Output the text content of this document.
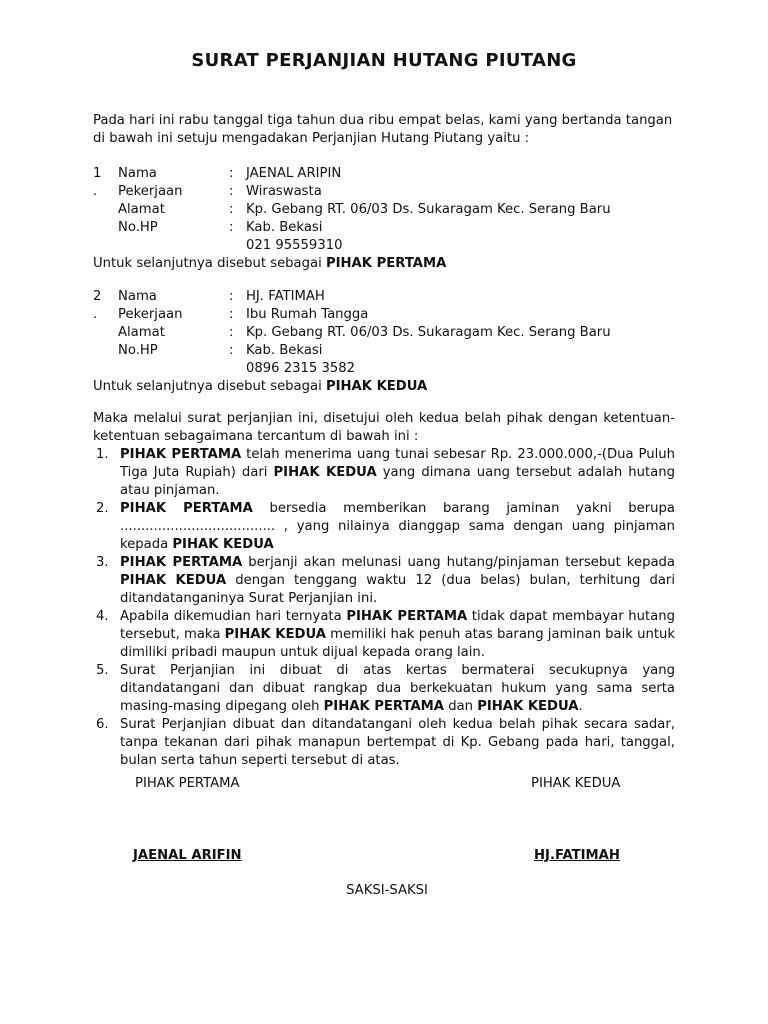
SURAT PERJANJIAN HUTANG PIUTANG
Pada hari ini rabu tanggal tiga tahun dua ribu empat belas, kami yang bertanda tangan di bawah ini setuju mengadakan Perjanjian Hutang Piutang yaitu :
1 Nama	: JAENAL ARIPIN
. Pekerjaan	: Wiraswasta
Alamat	: Kp. Gebang RT. 06/03 Ds. Sukaragam Kec. Serang Baru
No.HP	: Kab. Bekasi
021 95559310
Untuk selanjutnya disebut sebagai PIHAK PERTAMA
2 Nama	: HJ. FATIMAH
. Pekerjaan	: Ibu Rumah Tangga
Alamat	: Kp. Gebang RT. 06/03 Ds. Sukaragam Kec. Serang Baru
No.HP	: Kab. Bekasi
0896 2315 3582
Untuk selanjutnya disebut sebagai PIHAK KEDUA
Maka melalui surat perjanjian ini, disetujui oleh kedua belah pihak dengan ketentuan-ketentuan sebagaimana tercantum di bawah ini :
1. PIHAK PERTAMA telah menerima uang tunai sebesar Rp. 23.000.000,-(Dua Puluh Tiga Juta Rupiah) dari PIHAK KEDUA yang dimana uang tersebut adalah hutang atau pinjaman.
2. PIHAK PERTAMA bersedia memberikan barang jaminan yakni berupa ..................................... , yang nilainya dianggap sama dengan uang pinjaman kepada PIHAK KEDUA
3. PIHAK PERTAMA berjanji akan melunasi uang hutang/pinjaman tersebut kepada PIHAK KEDUA dengan tenggang waktu 12 (dua belas) bulan, terhitung dari ditandatanganinya Surat Perjanjian ini.
4. Apabila dikemudian hari ternyata PIHAK PERTAMA tidak dapat membayar hutang tersebut, maka PIHAK KEDUA memiliki hak penuh atas barang jaminan baik untuk dimiliki pribadi maupun untuk dijual kepada orang lain.
5. Surat Perjanjian ini dibuat di atas kertas bermaterai secukupnya yang ditandatangani dan dibuat rangkap dua berkekuatan hukum yang sama serta masing-masing dipegang oleh PIHAK PERTAMA dan PIHAK KEDUA.
6. Surat Perjanjian dibuat dan ditandatangani oleh kedua belah pihak secara sadar, tanpa tekanan dari pihak manapun bertempat di Kp. Gebang pada hari, tanggal, bulan serta tahun seperti tersebut di atas.
PIHAK PERTAMA	PIHAK KEDUA
JAENAL ARIFIN	HJ.FATIMAH
SAKSI-SAKSI
